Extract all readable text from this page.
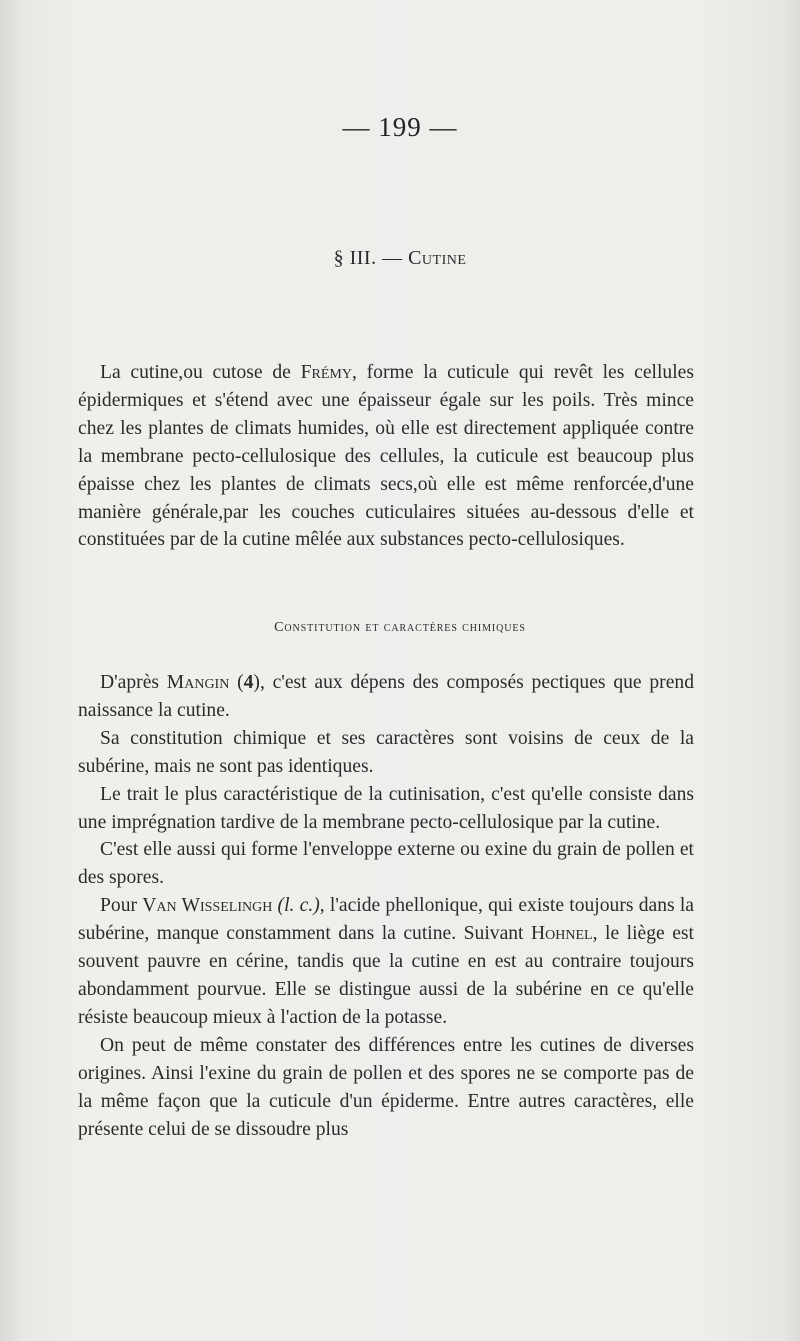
— 199 —
§ III. — Cutine

La cutine,ou cutose de Frémy, forme la cuticule qui revêt les cellules épidermiques et s'étend avec une épaisseur égale sur les poils. Très mince chez les plantes de climats humides, où elle est directement appliquée contre la membrane pecto-cellulosique des cellules, la cuticule est beaucoup plus épaisse chez les plantes de climats secs,où elle est même renforcée,d'une manière générale,par les couches cuticulaires situées au-dessous d'elle et constituées par de la cutine mêlée aux substances pecto-cellulosiques.

Constitution et caractères chimiques

D'après Mangin (4), c'est aux dépens des composés pectiques que prend naissance la cutine.

Sa constitution chimique et ses caractères sont voisins de ceux de la subérine, mais ne sont pas identiques.

Le trait le plus caractéristique de la cutinisation, c'est qu'elle consiste dans une imprégnation tardive de la membrane pecto-cellulosique par la cutine.

C'est elle aussi qui forme l'enveloppe externe ou exine du grain de pollen et des spores.

Pour Van Wisselingh (l. c.), l'acide phellonique, qui existe toujours dans la subérine, manque constamment dans la cutine. Suivant Hohnel, le liège est souvent pauvre en cérine, tandis que la cutine en est au contraire toujours abondamment pourvue. Elle se distingue aussi de la subérine en ce qu'elle résiste beaucoup mieux à l'action de la potasse.

On peut de même constater des différences entre les cutines de diverses origines. Ainsi l'exine du grain de pollen et des spores ne se comporte pas de la même façon que la cuticule d'un épiderme. Entre autres caractères, elle présente celui de se dissoudre plus
